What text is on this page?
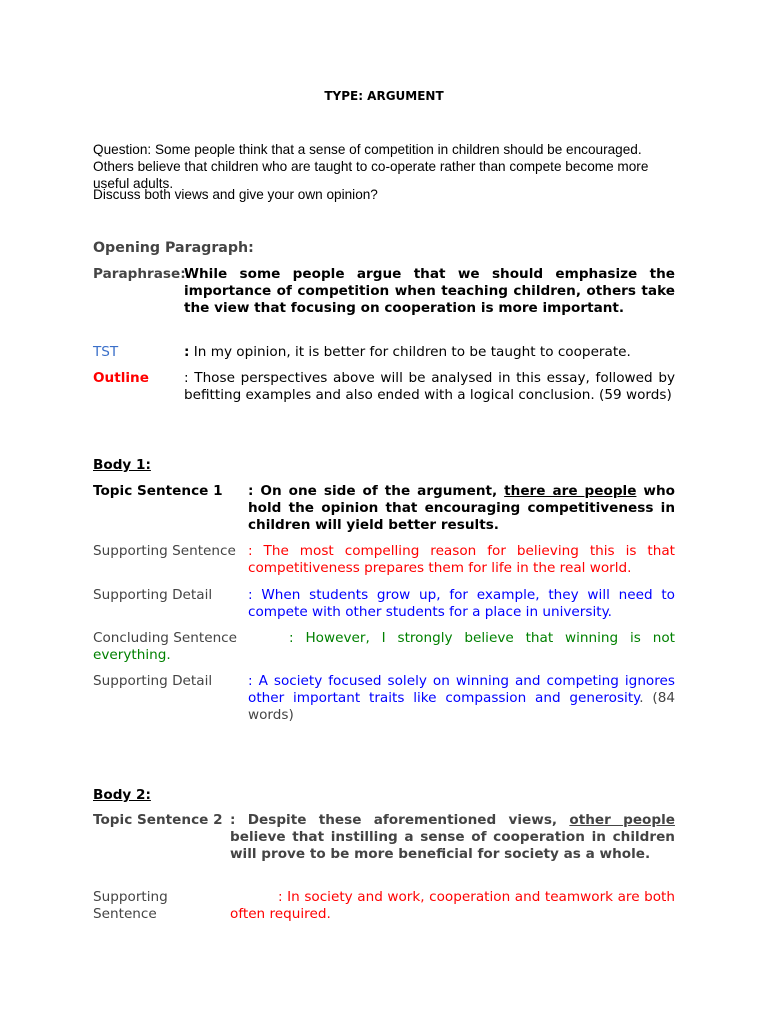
TYPE: ARGUMENT
Question: Some people think that a sense of competition in children should be encouraged. Others believe that children who are taught to co-operate rather than compete become more useful adults.
Discuss both views and give your own opinion?
Opening Paragraph:
Paraphrase:
While some people argue that we should emphasize the importance of competition when teaching children, others take the view that focusing on cooperation is more important.
TST	: In my opinion, it is better for children to be taught to cooperate.
Outline	: Those perspectives above will be analysed in this essay, followed by befitting examples and also ended with a logical conclusion. (59 words)
Body 1:
Topic Sentence 1	: On one side of the argument, there are people who hold the opinion that encouraging competitiveness in children will yield better results.
Supporting Sentence : The most compelling reason for believing this is that competitiveness prepares them for life in the real world.
Supporting Detail	: When students grow up, for example, they will need to compete with other students for a place in university.
Concluding Sentence	: However, I strongly believe that winning is not
everything.
Supporting Detail	: A society focused solely on winning and competing ignores other important traits like compassion and generosity. (84 words)
Body 2:
Topic Sentence 2 : Despite these aforementioned views, other people believe that instilling a sense of cooperation in children will prove to be more beneficial for society as a whole.
Supporting Sentence
: In society and work, cooperation and teamwork are both often required.
